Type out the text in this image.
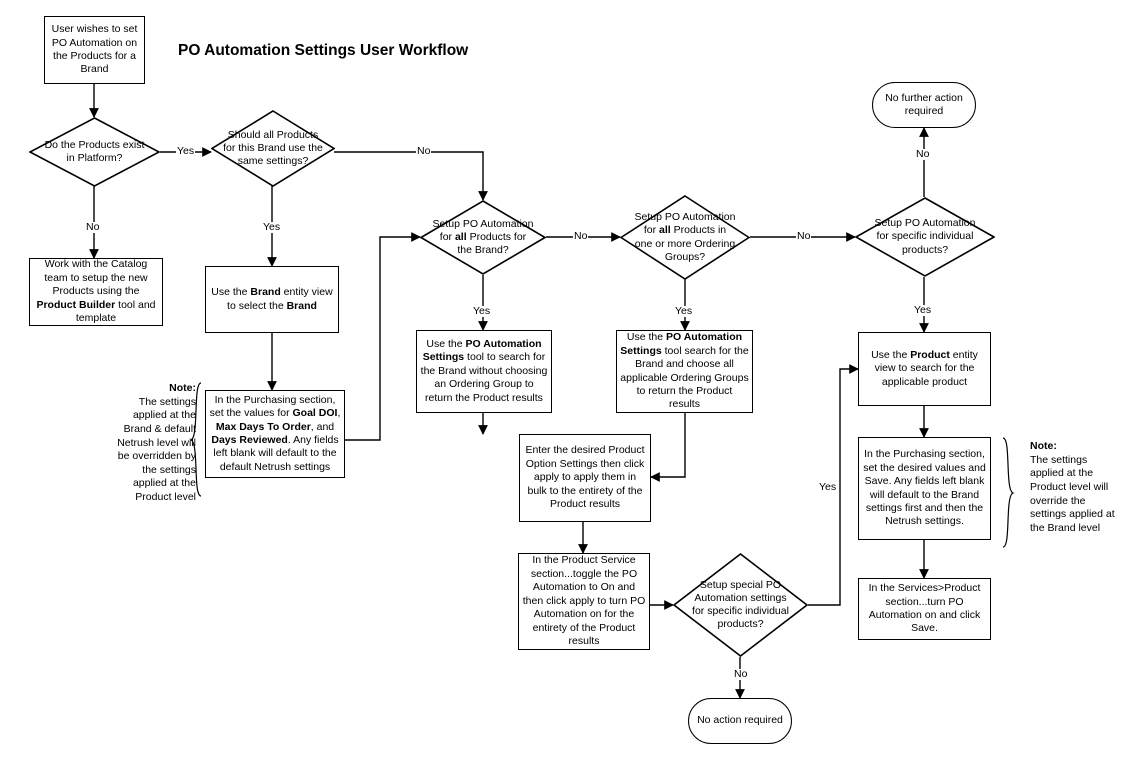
PO Automation Settings User Workflow
User wishes to set PO Automation on the Products for a Brand
Do the Products exist in Platform?
Should all Products for this Brand use the same settings?
Work with the Catalog team to setup the new Products using the Product Builder tool and template
Use the Brand entity view to select the Brand
In the Purchasing section, set the values for Goal DOI, Max Days To Order, and Days Reviewed. Any fields left blank will default to the default Netrush settings
Setup PO Automation for all Products for the Brand?
Setup PO Automation for all Products in one or more Ordering Groups?
Setup PO Automation for specific individual products?
Use the PO Automation Settings tool to search for the Brand without choosing an Ordering Group to return the Product results
Use the PO Automation Settings tool search for the Brand and choose all applicable Ordering Groups to return the Product results
Use the Product entity view to search for the applicable product
Enter the desired Product Option Settings then click apply to apply them in bulk to the entirety of the Product results
In the Purchasing section, set the desired values and Save. Any fields left blank will default to the Brand settings first and then the Netrush settings.
In the Product Service section...toggle the PO Automation to On and then click apply to turn PO Automation on for the entirety of the Product results
In the Services>Product section...turn PO Automation on and click Save.
Setup special PO Automation settings for specific individual products?
No further action required
No action required
Note:
The settings applied at the Brand & default Netrush level will be overridden by the settings applied at the Product level
Note:
The settings applied at the Product level will override the settings applied at the Brand level
Yes
No
No
Yes
No
Yes
No
Yes
No
Yes
Yes
No
